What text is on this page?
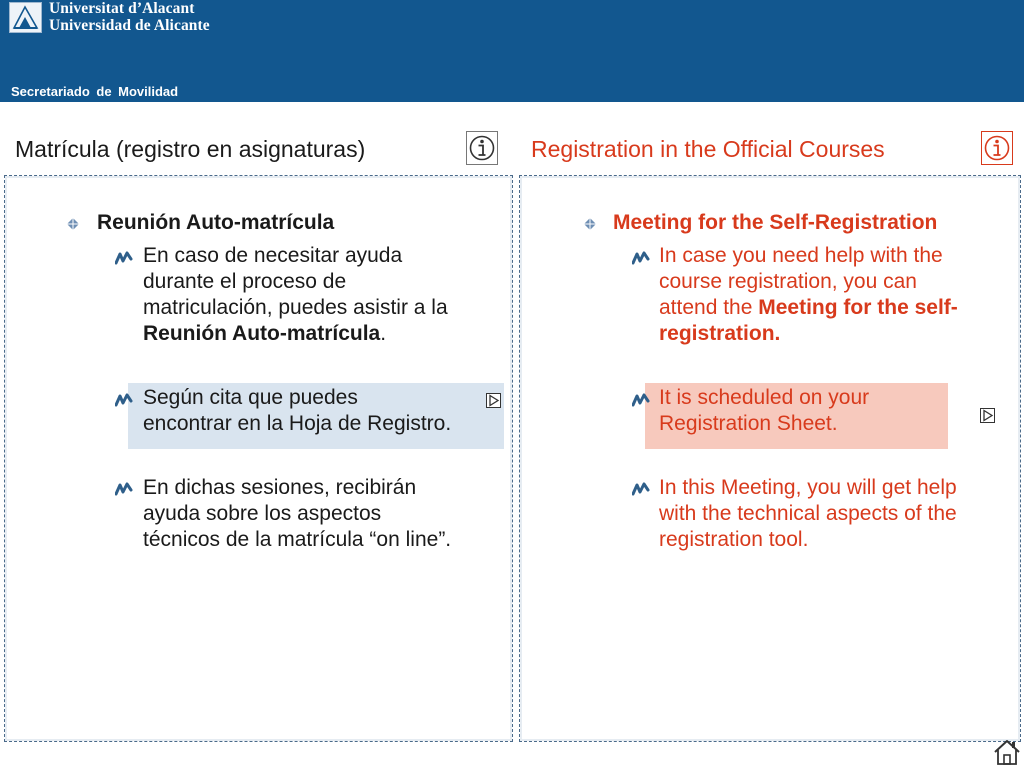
Universitat d’Alacant
Universidad de Alicante
Secretariado de Movilidad
Matrícula (registro en asignaturas)	Registration in the Official Courses
Reunión Auto-matrícula
En caso de necesitar ayuda
durante el proceso de
matriculación, puedes asistir a la
Reunión Auto-matrícula.
Según cita que puedes
encontrar en la Hoja de Registro.
En dichas sesiones, recibirán
ayuda sobre los aspectos
técnicos de la matrícula “on line”.
Meeting for the Self-Registration
In case you need help with the
course registration, you can
attend the Meeting for the self-
registration.
It is scheduled on your
Registration Sheet.
In this Meeting, you will get help
with the technical aspects of the
registration tool.
